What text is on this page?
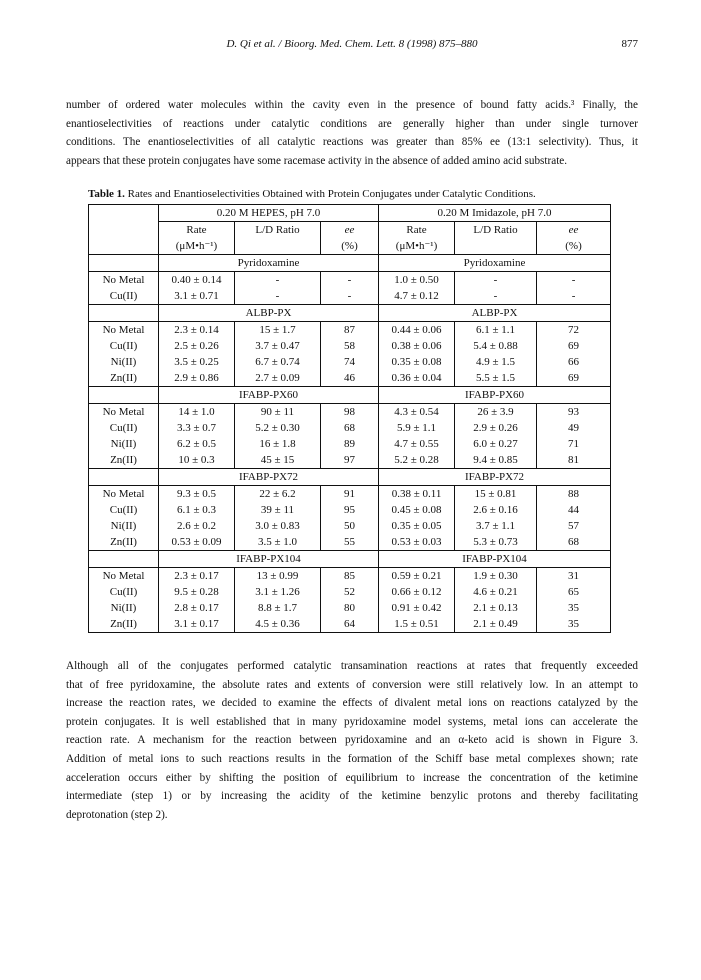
D. Qi et al. / Bioorg. Med. Chem. Lett. 8 (1998) 875–880	877
number of ordered water molecules within the cavity even in the presence of bound fatty acids.³ Finally, the
enantioselectivities of reactions under catalytic conditions are generally higher than under single turnover
conditions. The enantioselectivities of all catalytic reactions was greater than 85% ee (13:1 selectivity). Thus, it
appears that these protein conjugates have some racemase activity in the absence of added amino acid substrate.
Table 1. Rates and Enantioselectivities Obtained with Protein Conjugates under Catalytic Conditions.
	0.20 M HEPES, pH 7.0			0.20 M Imidazole, pH 7.0		
	Rate	L/D Ratio	ee	Rate	L/D Ratio	ee
	(μM•h⁻¹)		(%)	(μM•h⁻¹)		(%)
	Pyridoxamine			Pyridoxamine		
No Metal	0.40 ± 0.14	-	-	1.0 ± 0.50	-	-
Cu(II)	3.1 ± 0.71	-	-	4.7 ± 0.12	-	-
	ALBP-PX			ALBP-PX		
No Metal	2.3 ± 0.14	15 ± 1.7	87	0.44 ± 0.06	6.1 ± 1.1	72
Cu(II)	2.5 ± 0.26	3.7 ± 0.47	58	0.38 ± 0.06	5.4 ± 0.88	69
Ni(II)	3.5 ± 0.25	6.7 ± 0.74	74	0.35 ± 0.08	4.9 ± 1.5	66
Zn(II)	2.9 ± 0.86	2.7 ± 0.09	46	0.36 ± 0.04	5.5 ± 1.5	69
	IFABP-PX60			IFABP-PX60		
No Metal	14 ± 1.0	90 ± 11	98	4.3 ± 0.54	26 ± 3.9	93
Cu(II)	3.3 ± 0.7	5.2 ± 0.30	68	5.9 ± 1.1	2.9 ± 0.26	49
Ni(II)	6.2 ± 0.5	16 ± 1.8	89	4.7 ± 0.55	6.0 ± 0.27	71
Zn(II)	10 ± 0.3	45 ± 15	97	5.2 ± 0.28	9.4 ± 0.85	81
	IFABP-PX72			IFABP-PX72		
No Metal	9.3 ± 0.5	22 ± 6.2	91	0.38 ± 0.11	15 ± 0.81	88
Cu(II)	6.1 ± 0.3	39 ± 11	95	0.45 ± 0.08	2.6 ± 0.16	44
Ni(II)	2.6 ± 0.2	3.0 ± 0.83	50	0.35 ± 0.05	3.7 ± 1.1	57
Zn(II)	0.53 ± 0.09	3.5 ± 1.0	55	0.53 ± 0.03	5.3 ± 0.73	68
	IFABP-PX104			IFABP-PX104		
No Metal	2.3 ± 0.17	13 ± 0.99	85	0.59 ± 0.21	1.9 ± 0.30	31
Cu(II)	9.5 ± 0.28	3.1 ± 1.26	52	0.66 ± 0.12	4.6 ± 0.21	65
Ni(II)	2.8 ± 0.17	8.8 ± 1.7	80	0.91 ± 0.42	2.1 ± 0.13	35
Zn(II)	3.1 ± 0.17	4.5 ± 0.36	64	1.5 ± 0.51	2.1 ± 0.49	35
Although all of the conjugates performed catalytic transamination reactions at rates that frequently exceeded
that of free pyridoxamine, the absolute rates and extents of conversion were still relatively low. In an attempt to
increase the reaction rates, we decided to examine the effects of divalent metal ions on reactions catalyzed by the
protein conjugates. It is well established that in many pyridoxamine model systems, metal ions can accelerate the
reaction rate. A mechanism for the reaction between pyridoxamine and an α-keto acid is shown in Figure 3.
Addition of metal ions to such reactions results in the formation of the Schiff base metal complexes shown; rate
acceleration occurs either by shifting the position of equilibrium to increase the concentration of the ketimine
intermediate (step 1) or by increasing the acidity of the ketimine benzylic protons and thereby facilitating
deprotonation (step 2).
